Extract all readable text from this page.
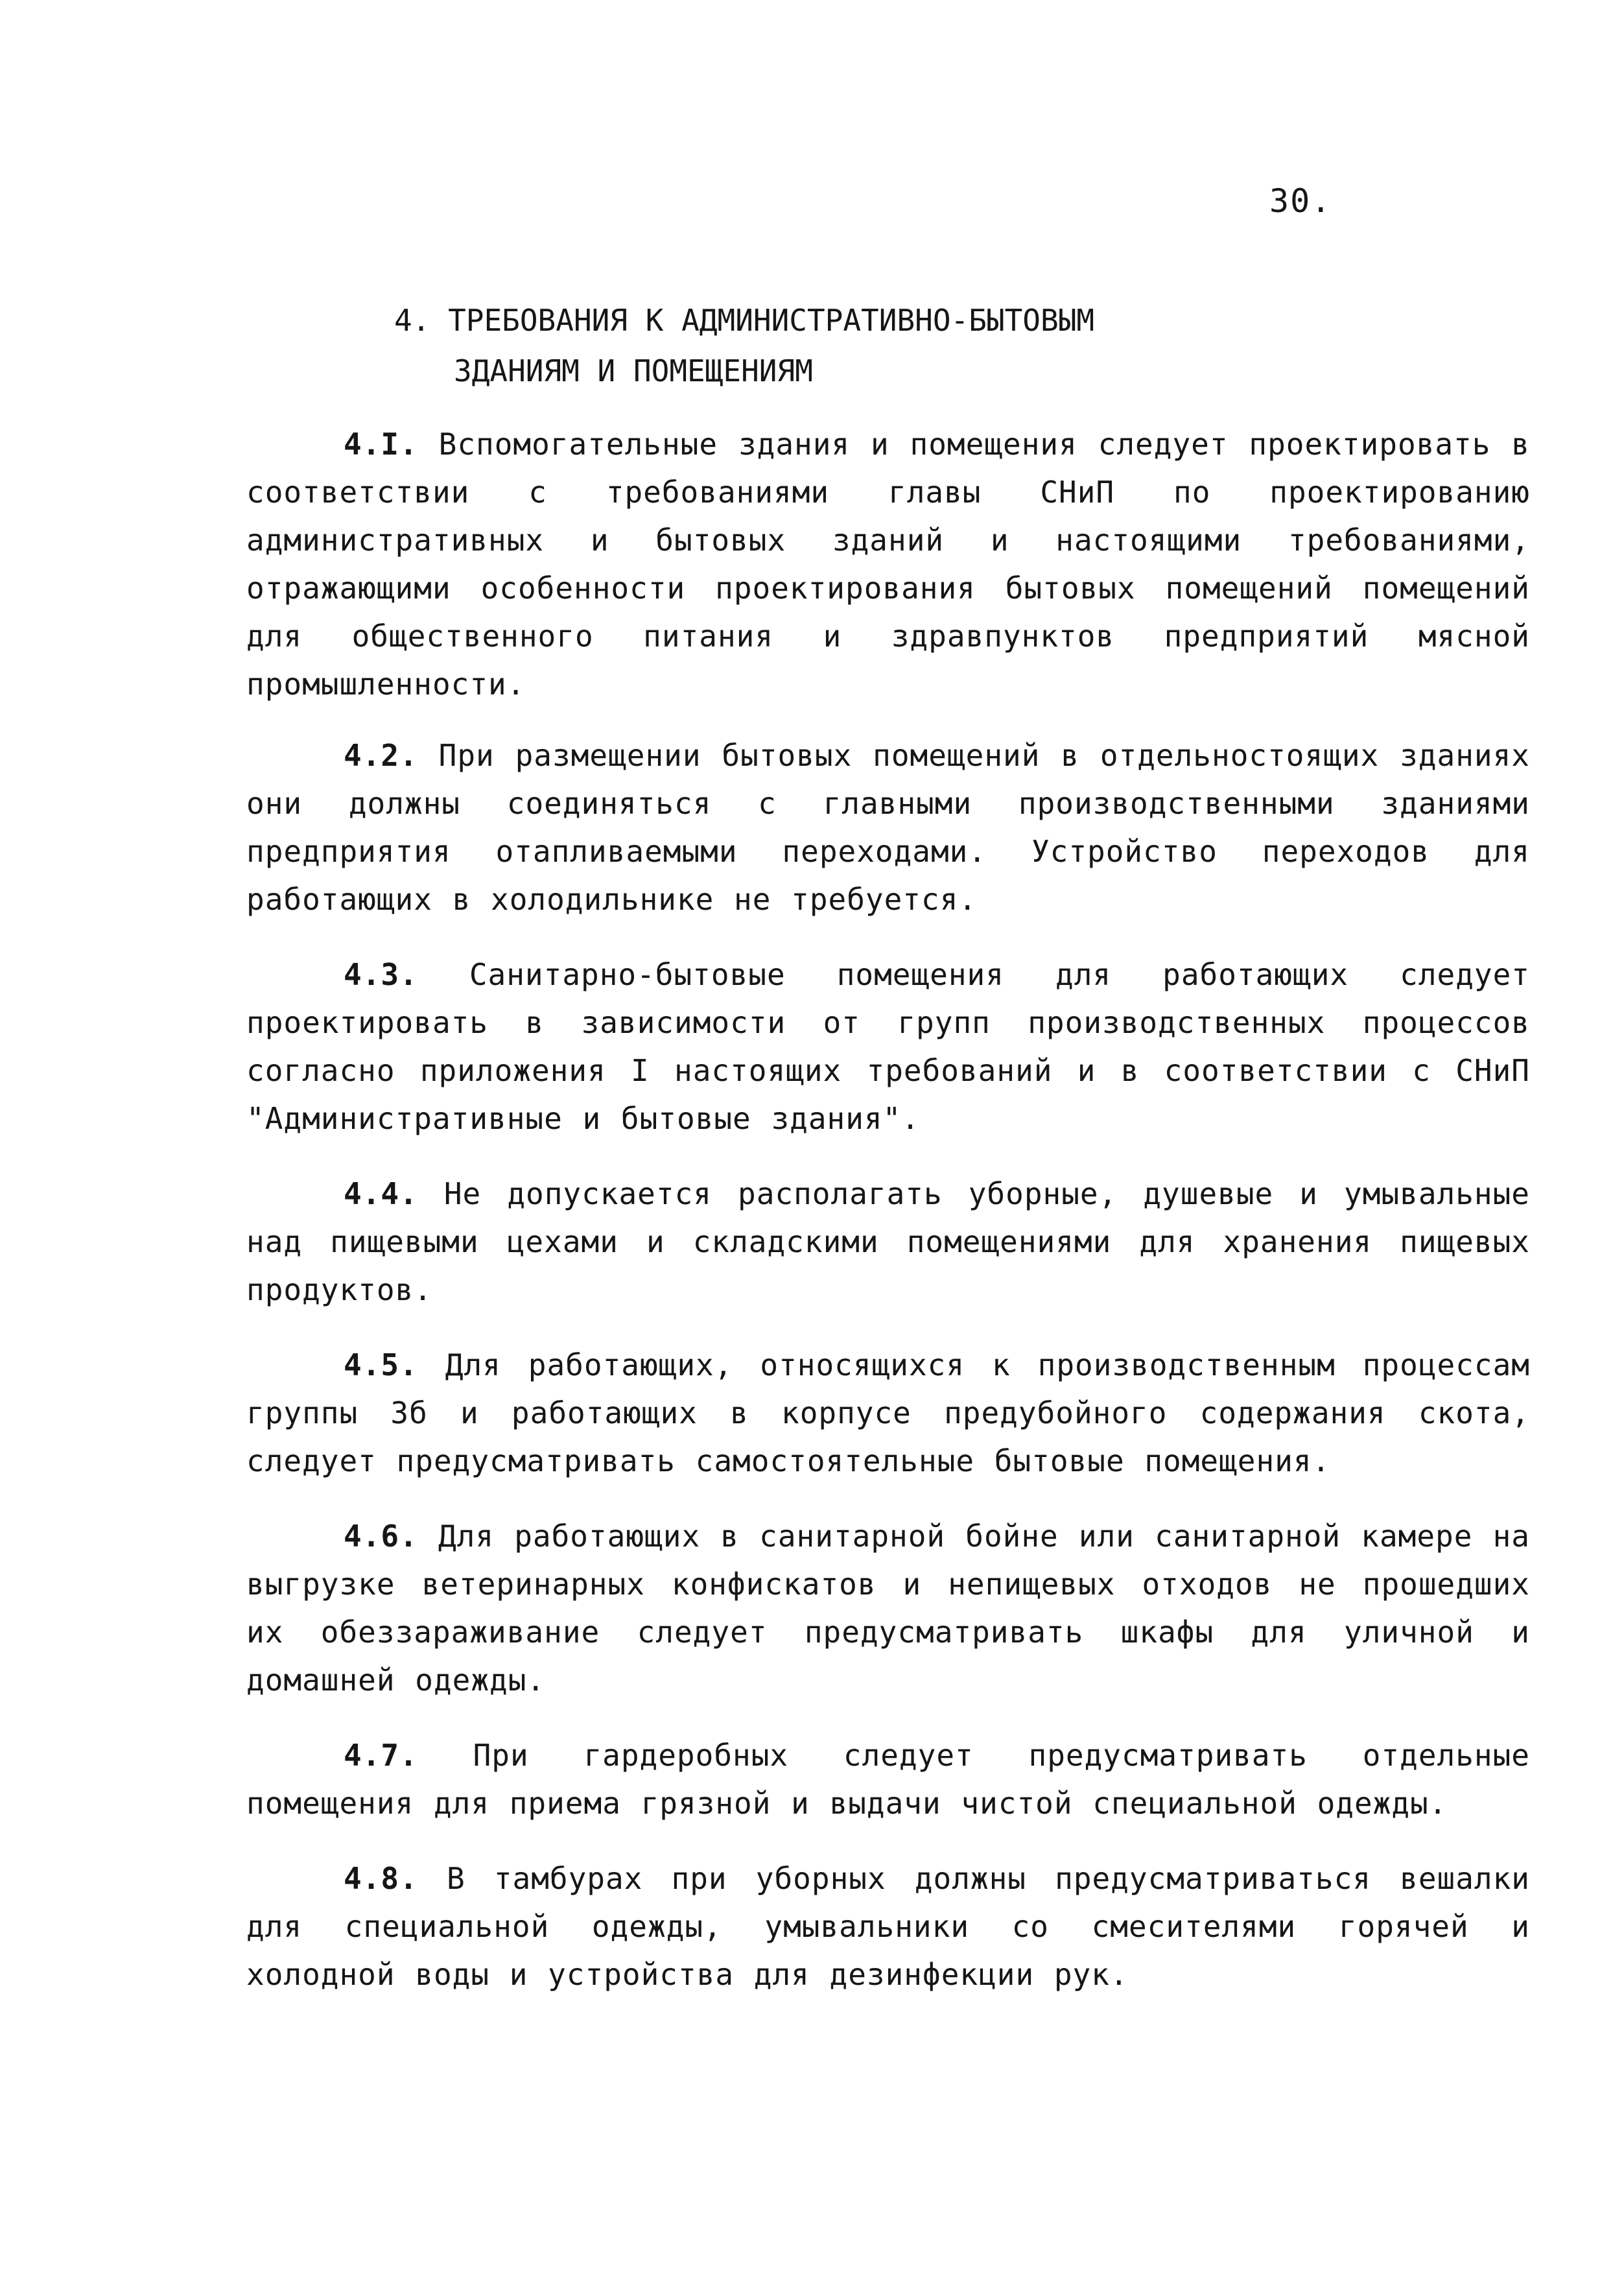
30.
4. ТРЕБОВАНИЯ К АДМИНИСТРАТИВНО-БЫТОВЫМ
ЗДАНИЯМ И ПОМЕЩЕНИЯМ

4.I. Вспомогательные здания и помещения следует проектировать в соответствии с требованиями главы СНиП по проектированию административных и бытовых зданий и настоящими требованиями, отражающими особенности проектирования бытовых помещений помещений для общественного питания и здравпунктов предприятий мясной промышленности.

4.2. При размещении бытовых помещений в отдельностоящих зданиях они должны соединяться с главными производственными зданиями предприятия отапливаемыми переходами. Устройство переходов для работающих в холодильнике не требуется.

4.3. Санитарно-бытовые помещения для работающих следует проектировать в зависимости от групп производственных процессов согласно приложения I настоящих требований и в соответствии с СНиП "Административные и бытовые здания".

4.4. Не допускается располагать уборные, душевые и умывальные над пищевыми цехами и складскими помещениями для хранения пищевых продуктов.

4.5. Для работающих, относящихся к производственным процессам группы 3б и работающих в корпусе предубойного содержания скота, следует предусматривать самостоятельные бытовые помещения.

4.6. Для работающих в санитарной бойне или санитарной камере на выгрузке ветеринарных конфискатов и непищевых отходов не прошедших их обеззараживание следует предусматривать шкафы для уличной и домашней одежды.

4.7. При гардеробных следует предусматривать отдельные помещения для приема грязной и выдачи чистой специальной одежды.

4.8. В тамбурах при уборных должны предусматриваться вешалки для специальной одежды, умывальники со смесителями горячей и холодной воды и устройства для дезинфекции рук.
